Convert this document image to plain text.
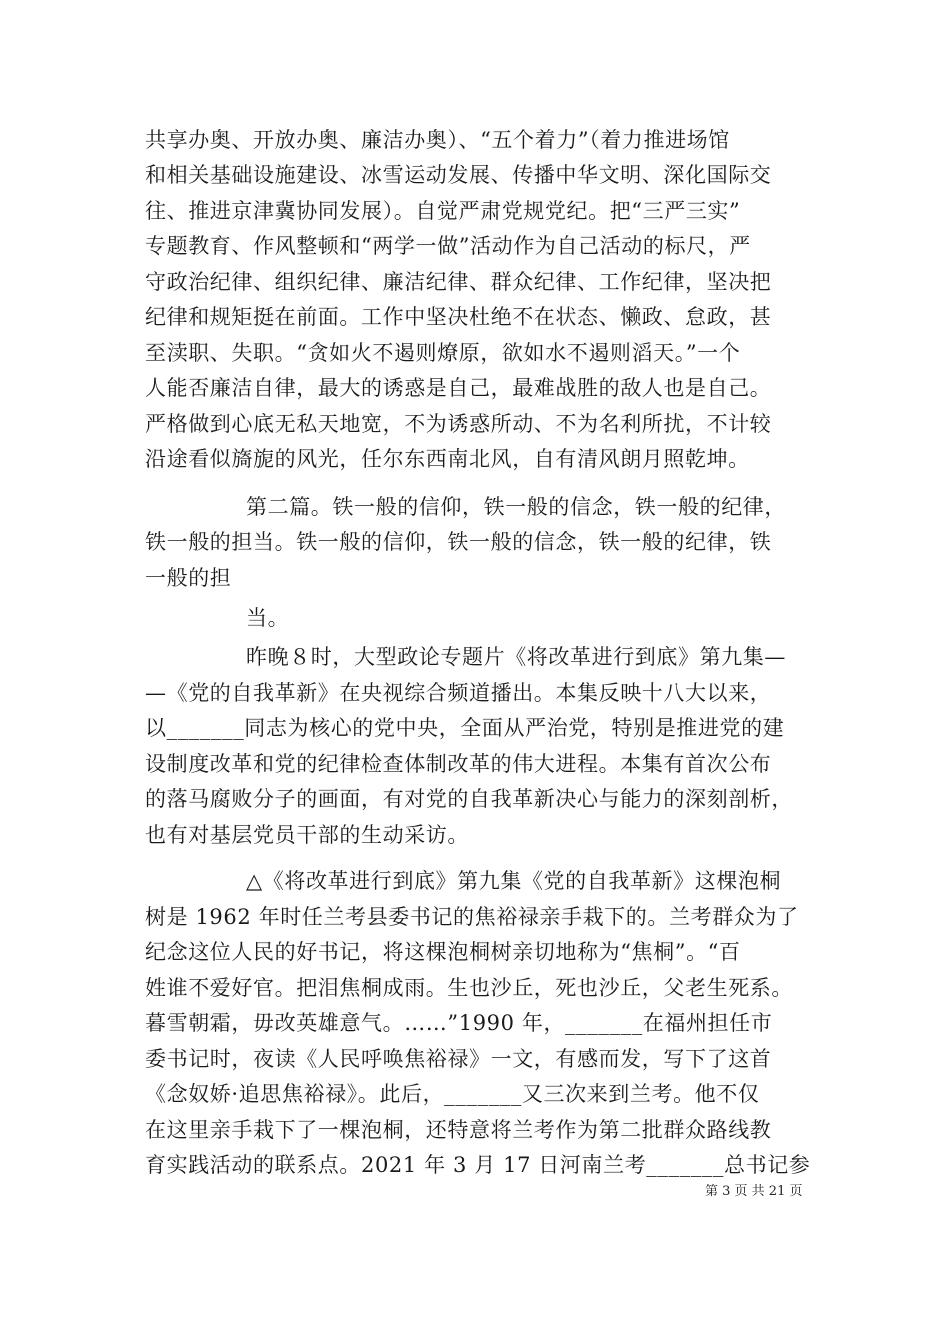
共享办奥、开放办奥、廉洁办奥）、“五个着力”（着力推进场馆
和相关基础设施建设、冰雪运动发展、传播中华文明、深化国际交
往、推进京津冀协同发展）。自觉严肃党规党纪。把“三严三实”
专题教育、作风整顿和“两学一做”活动作为自己活动的标尺，严
守政治纪律、组织纪律、廉洁纪律、群众纪律、工作纪律，坚决把
纪律和规矩挺在前面。工作中坚决杜绝不在状态、懒政、怠政，甚
至渎职、失职。“贪如火不遏则燎原，欲如水不遏则滔天。”一个
人能否廉洁自律，最大的诱惑是自己，最难战胜的敌人也是自己。
严格做到心底无私天地宽，不为诱惑所动、不为名利所扰，不计较
沿途看似旖旎的风光，任尔东西南北风，自有清风朗月照乾坤。
第二篇。铁一般的信仰，铁一般的信念，铁一般的纪律，
铁一般的担当。铁一般的信仰，铁一般的信念，铁一般的纪律，铁
一般的担
当。
昨晚８时，大型政论专题片《将改革进行到底》第九集—
—《党的自我革新》在央视综合频道播出。本集反映十八大以来，
以_______同志为核心的党中央，全面从严治党，特别是推进党的建
设制度改革和党的纪律检查体制改革的伟大进程。本集有首次公布
的落马腐败分子的画面，有对党的自我革新决心与能力的深刻剖析，
也有对基层党员干部的生动采访。
△《将改革进行到底》第九集《党的自我革新》这棵泡桐
树是 1962 年时任兰考县委书记的焦裕禄亲手栽下的。兰考群众为了
纪念这位人民的好书记，将这棵泡桐树亲切地称为“焦桐”。“百
姓谁不爱好官。把泪焦桐成雨。生也沙丘，死也沙丘，父老生死系。
暮雪朝霜，毋改英雄意气。……”1990 年，_______在福州担任市
委书记时，夜读《人民呼唤焦裕禄》一文，有感而发，写下了这首
《念奴娇·追思焦裕禄》。此后，_______又三次来到兰考。他不仅
在这里亲手栽下了一棵泡桐，还特意将兰考作为第二批群众路线教
育实践活动的联系点。2021 年 3 月 17 日河南兰考_______总书记参
第 3 页 共 21 页
